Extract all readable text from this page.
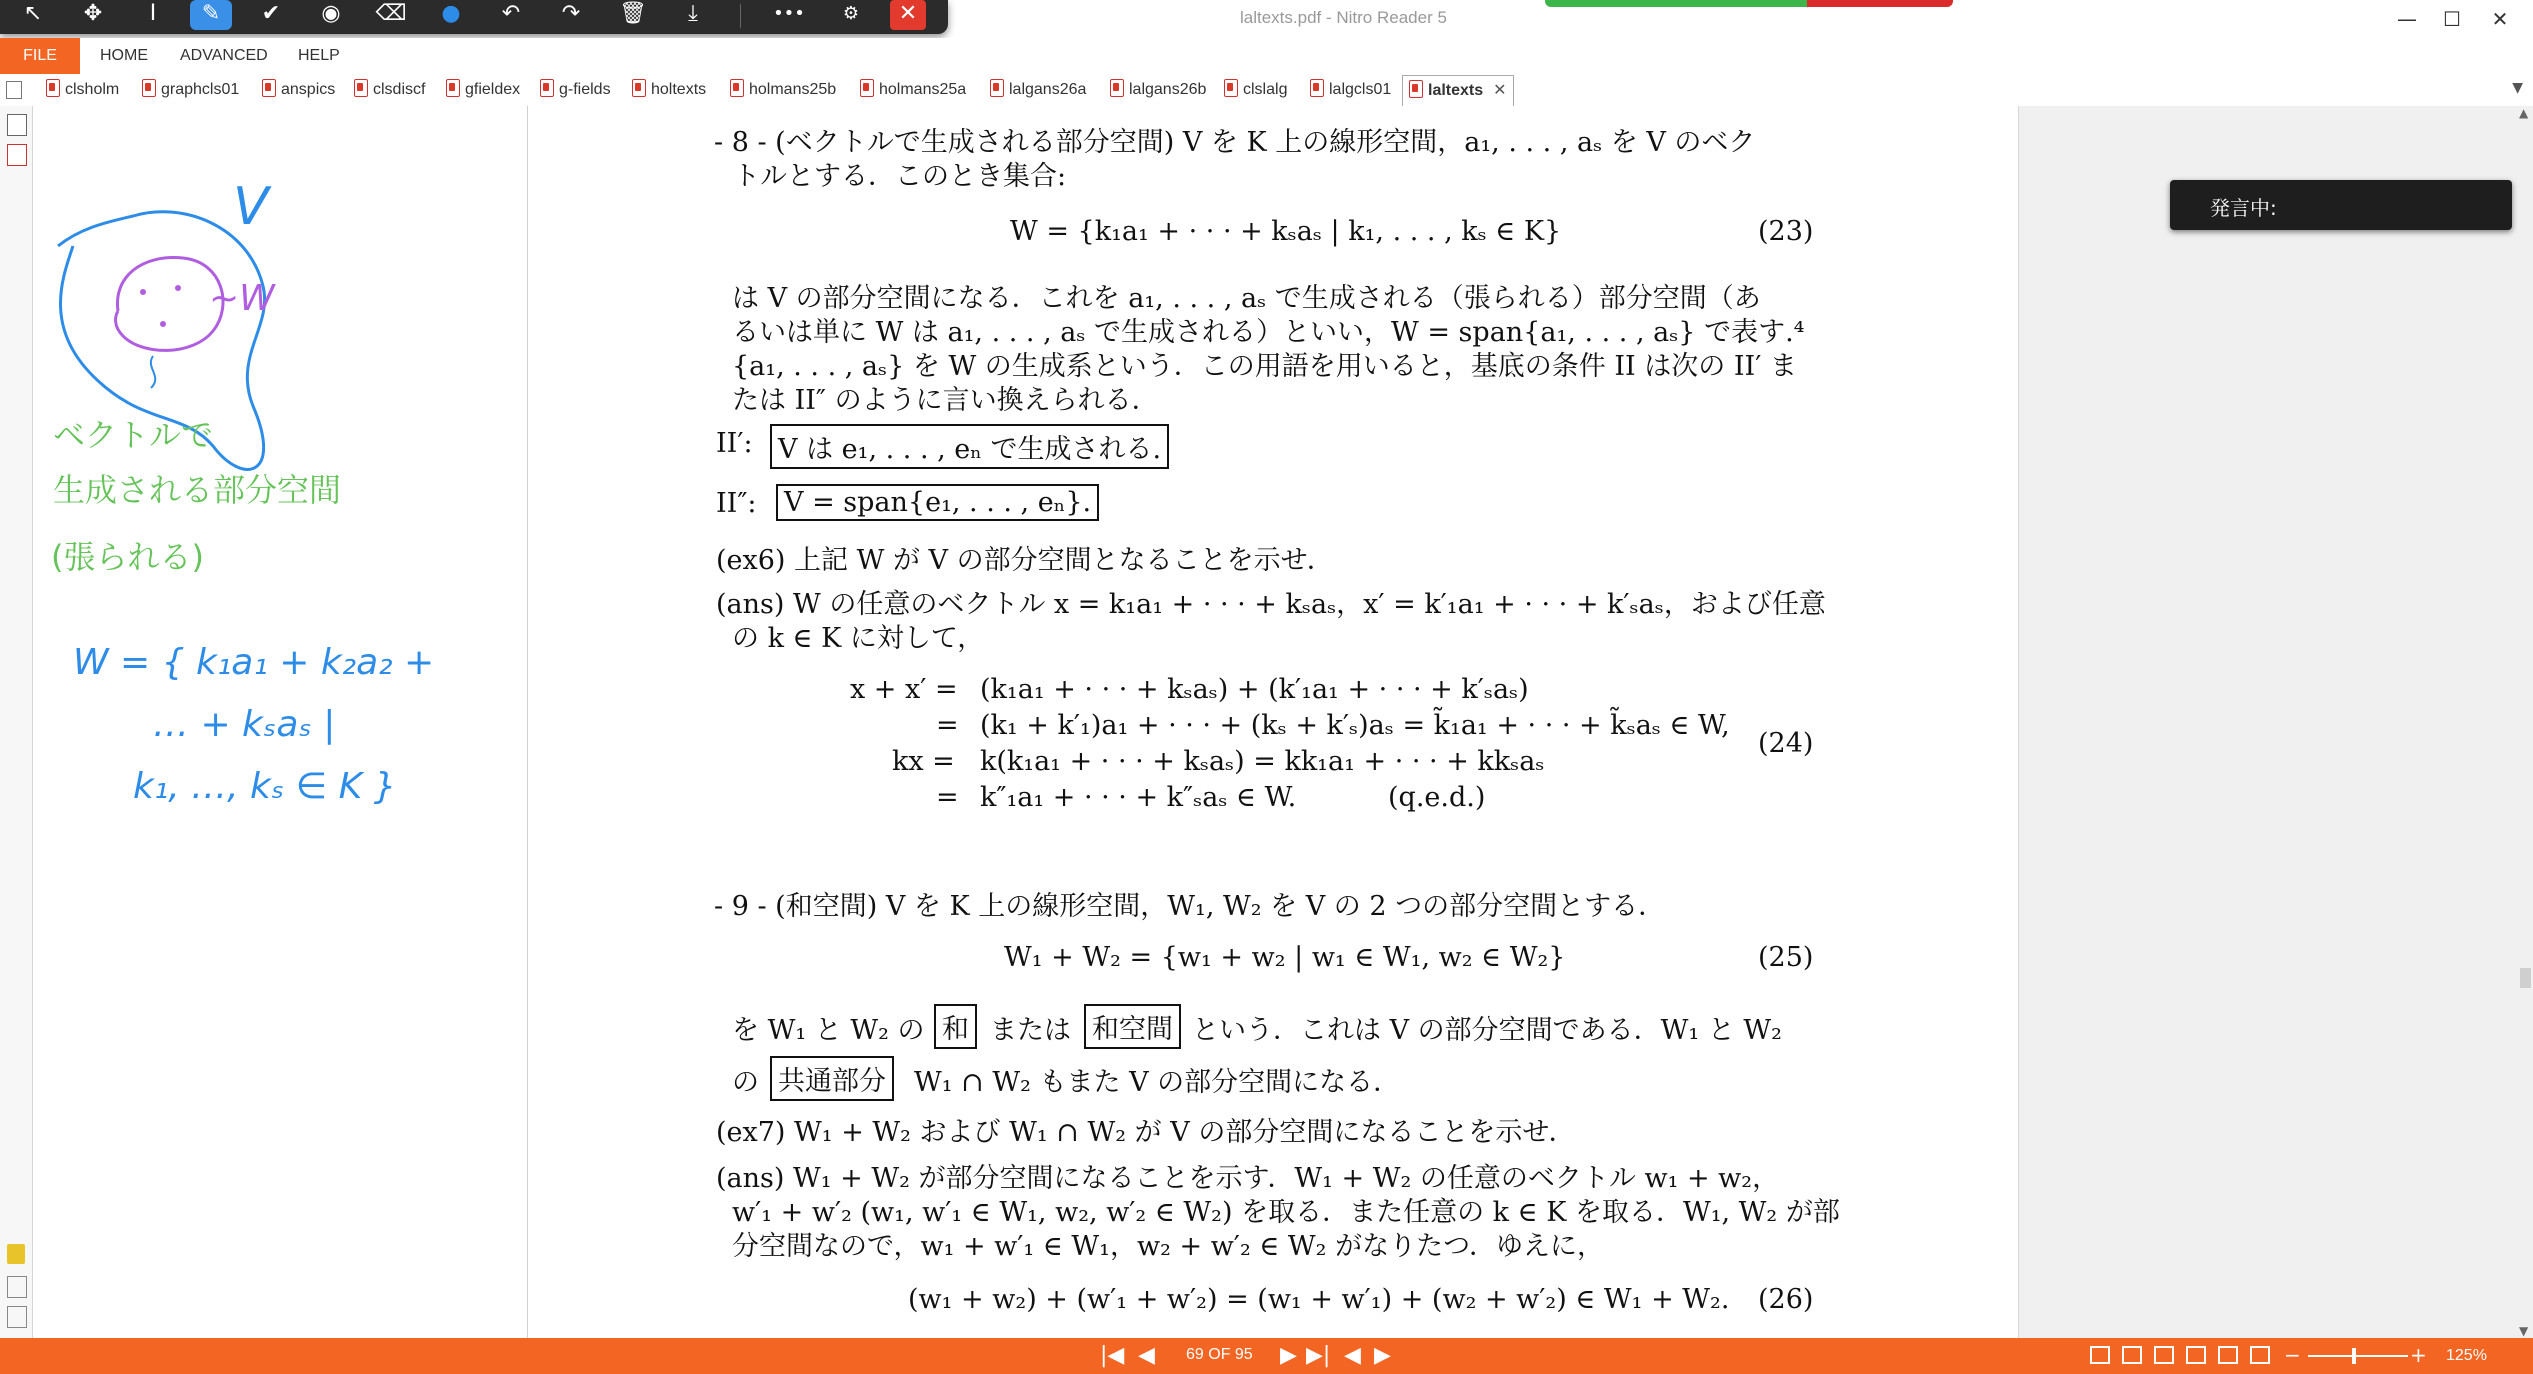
laltexts.pdf - Nitro Reader 5	—	☐	✕
↖	✥	I	✎	✔	◉	⌫	●	↶	↷	🗑	⤓	•••	⚙	✕
FILE	HOME ADVANCED HELP
clsholm	graphcls01	anspics	clsdiscf	gfieldex	g-fields	holtexts	holmans25b	holmans25a	lalgans26a	lalgans26b	clslalg	lalgcls01	laltexts ✕	▼
V
~W
ベクトルで
生成される部分空間
(張られる)
W = { k₁a₁ + k₂a₂ +
… + kₛaₛ |
k₁, …, kₛ ∈ K }
- 8 - (ベクトルで生成される部分空間) V を K 上の線形空間，a₁, . . . , aₛ を V のベク
トルとする．このとき集合:
W = {k₁a₁ + · · · + kₛaₛ | k₁, . . . , kₛ ∈ K}	(23)
は V の部分空間になる．これを a₁, . . . , aₛ で生成される（張られる）部分空間（あ
るいは単に W は a₁, . . . , aₛ で生成される）といい，W = span{a₁, . . . , aₛ} で表す.⁴
{a₁, . . . , aₛ} を W の生成系という．この用語を用いると，基底の条件 II は次の II′ ま
たは II″ のように言い換えられる．
II′: V は e₁, . . . , eₙ で生成される.
II″: V = span{e₁, . . . , eₙ}.
(ex6) 上記 W が V の部分空間となることを示せ．
(ans) W の任意のベクトル x = k₁a₁ + · · · + kₛaₛ，x′ = k′₁a₁ + · · · + k′ₛaₛ，および任意
の k ∈ K に対して，
x + x′ = (k₁a₁ + · · · + kₛaₛ) + (k′₁a₁ + · · · + k′ₛaₛ)
= (k₁ + k′₁)a₁ + · · · + (kₛ + k′ₛ)aₛ = k̃₁a₁ + · · · + k̃ₛaₛ ∈ W,
kx = k(k₁a₁ + · · · + kₛaₛ) = kk₁a₁ + · · · + kkₛaₛ
= k″₁a₁ + · · · + k″ₛaₛ ∈ W.	(q.e.d.)
(24)
- 9 - (和空間) V を K 上の線形空間，W₁, W₂ を V の 2 つの部分空間とする．
W₁ + W₂ = {w₁ + w₂ | w₁ ∈ W₁, w₂ ∈ W₂}	(25)
を W₁ と W₂ の 和 または 和空間 という．これは V の部分空間である．W₁ と W₂
の 共通部分 W₁ ∩ W₂ もまた V の部分空間になる．
(ex7) W₁ + W₂ および W₁ ∩ W₂ が V の部分空間になることを示せ．
(ans) W₁ + W₂ が部分空間になることを示す．W₁ + W₂ の任意のベクトル w₁ + w₂，
w′₁ + w′₂ (w₁, w′₁ ∈ W₁, w₂, w′₂ ∈ W₂) を取る．また任意の k ∈ K を取る．W₁, W₂ が部
分空間なので，w₁ + w′₁ ∈ W₁，w₂ + w′₂ ∈ W₂ がなりたつ．ゆえに，
(w₁ + w₂) + (w′₁ + w′₂) = (w₁ + w′₁) + (w₂ + w′₂) ∈ W₁ + W₂. (26)
▲
▼
発言中:
|◀ ◀ 69 OF 95 ▶ ▶| ◀ ▶	−	+ 125%
